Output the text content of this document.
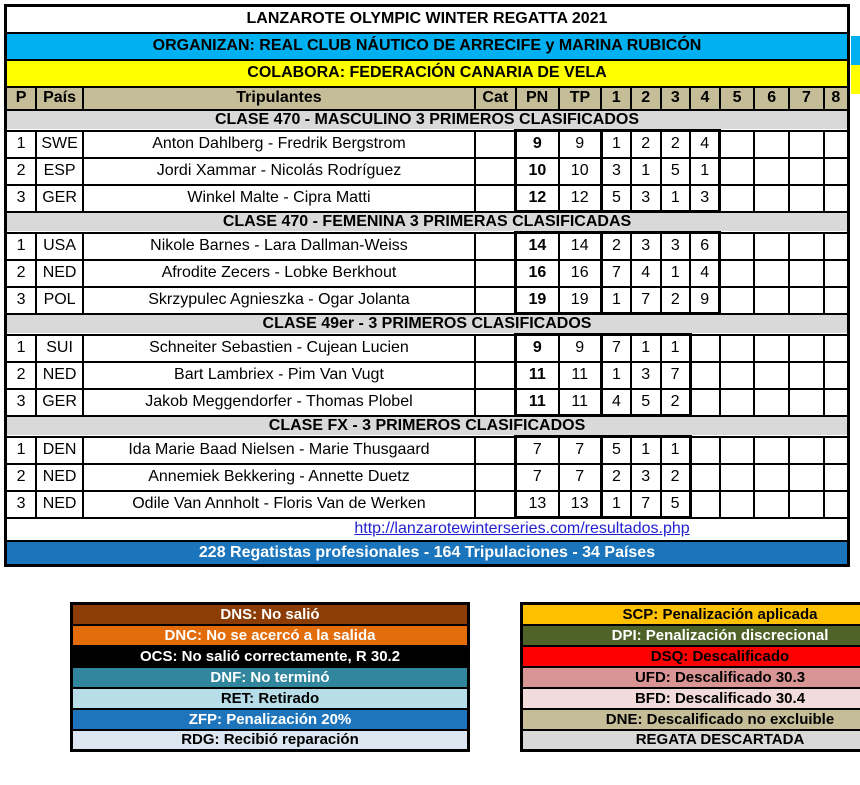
LANZAROTE OLYMPIC WINTER REGATTA 2021													
ORGANIZAN: REAL CLUB NÁUTICO DE ARRECIFE y MARINA RUBICÓN													
COLABORA: FEDERACIÓN CANARIA DE VELA													
P	País	Tripulantes	Cat	PN	TP	1	2	3	4	5	6	7	8
CLASE 470 - MASCULINO 3 PRIMEROS CLASIFICADOS													
1	SWE	Anton Dahlberg - Fredrik Bergstrom		9	9	1	2	2	4				
2	ESP	Jordi Xammar - Nicolás Rodríguez		10	10	3	1	5	1				
3	GER	Winkel Malte - Cipra Matti		12	12	5	3	1	3				
CLASE 470 - FEMENINA 3 PRIMERAS CLASIFICADAS													
1	USA	Nikole Barnes - Lara Dallman-Weiss		14	14	2	3	3	6				
2	NED	Afrodite Zecers - Lobke Berkhout		16	16	7	4	1	4				
3	POL	Skrzypulec Agnieszka - Ogar Jolanta		19	19	1	7	2	9				
CLASE 49er - 3 PRIMEROS CLASIFICADOS													
1	SUI	Schneiter Sebastien - Cujean Lucien		9	9	7	1	1					
2	NED	Bart Lambriex - Pim Van Vugt		11	11	1	3	7					
3	GER	Jakob Meggendorfer - Thomas Plobel		11	11	4	5	2					
CLASE FX - 3 PRIMEROS CLASIFICADOS													
1	DEN	Ida Marie Baad Nielsen - Marie Thusgaard		7	7	5	1	1					
2	NED	Annemiek Bekkering - Annette Duetz		7	7	2	3	2					
3	NED	Odile Van Annholt - Floris Van de Werken		13	13	1	7	5					
http://lanzarotewinterseries.com/resultados.php													
228 Regatistas profesionales - 164 Tripulaciones - 34 Países													
DNS: No salió
DNC: No se acercó a la salida
OCS: No salió correctamente, R 30.2
DNF: No terminó
RET: Retirado
ZFP: Penalización 20%
RDG: Recibió reparación
SCP: Penalización aplicada
DPI: Penalización discrecional
DSQ: Descalificado
UFD: Descalificado 30.3
BFD: Descalificado 30.4
DNE: Descalificado no excluible
REGATA DESCARTADA
